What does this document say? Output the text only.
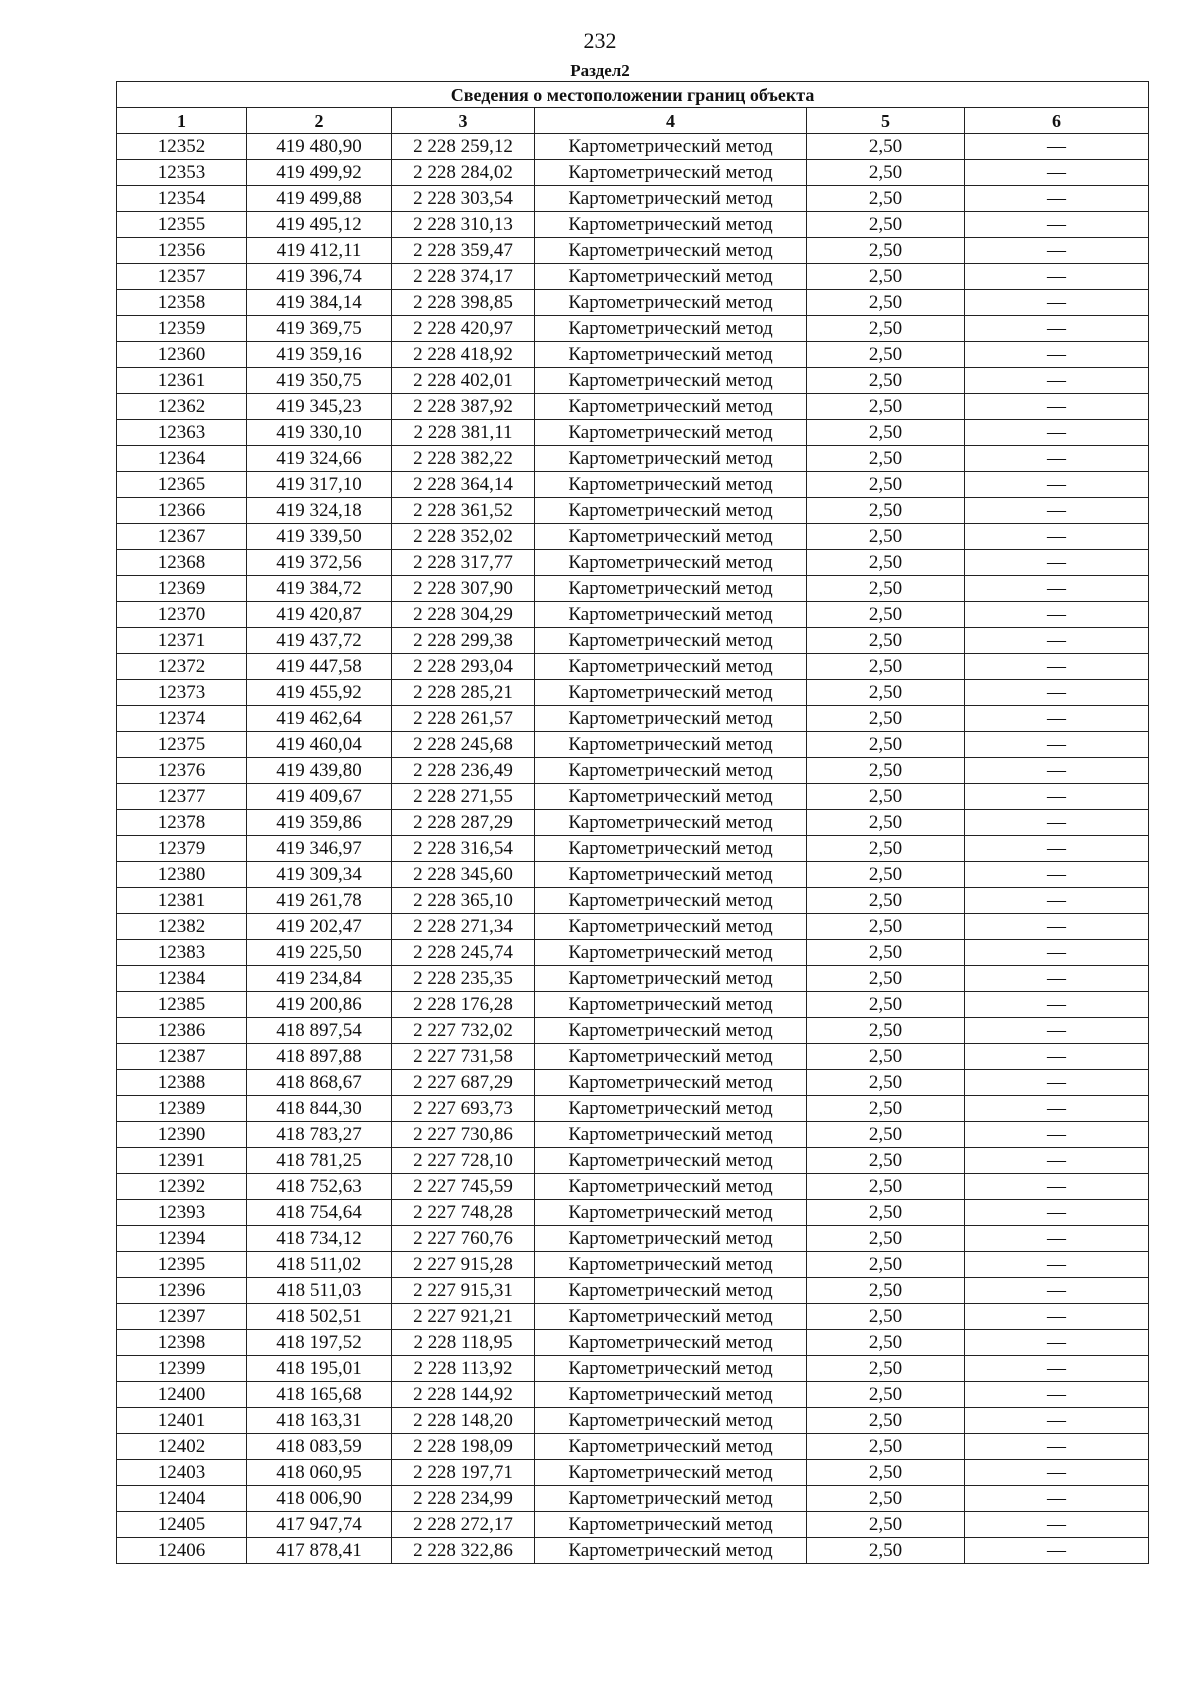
232
Раздел2
Сведения о местоположении границ объекта					
1	2	3	4	5	6
12352	419 480,90	2 228 259,12	Картометрический метод	2,50	—
12353	419 499,92	2 228 284,02	Картометрический метод	2,50	—
12354	419 499,88	2 228 303,54	Картометрический метод	2,50	—
12355	419 495,12	2 228 310,13	Картометрический метод	2,50	—
12356	419 412,11	2 228 359,47	Картометрический метод	2,50	—
12357	419 396,74	2 228 374,17	Картометрический метод	2,50	—
12358	419 384,14	2 228 398,85	Картометрический метод	2,50	—
12359	419 369,75	2 228 420,97	Картометрический метод	2,50	—
12360	419 359,16	2 228 418,92	Картометрический метод	2,50	—
12361	419 350,75	2 228 402,01	Картометрический метод	2,50	—
12362	419 345,23	2 228 387,92	Картометрический метод	2,50	—
12363	419 330,10	2 228 381,11	Картометрический метод	2,50	—
12364	419 324,66	2 228 382,22	Картометрический метод	2,50	—
12365	419 317,10	2 228 364,14	Картометрический метод	2,50	—
12366	419 324,18	2 228 361,52	Картометрический метод	2,50	—
12367	419 339,50	2 228 352,02	Картометрический метод	2,50	—
12368	419 372,56	2 228 317,77	Картометрический метод	2,50	—
12369	419 384,72	2 228 307,90	Картометрический метод	2,50	—
12370	419 420,87	2 228 304,29	Картометрический метод	2,50	—
12371	419 437,72	2 228 299,38	Картометрический метод	2,50	—
12372	419 447,58	2 228 293,04	Картометрический метод	2,50	—
12373	419 455,92	2 228 285,21	Картометрический метод	2,50	—
12374	419 462,64	2 228 261,57	Картометрический метод	2,50	—
12375	419 460,04	2 228 245,68	Картометрический метод	2,50	—
12376	419 439,80	2 228 236,49	Картометрический метод	2,50	—
12377	419 409,67	2 228 271,55	Картометрический метод	2,50	—
12378	419 359,86	2 228 287,29	Картометрический метод	2,50	—
12379	419 346,97	2 228 316,54	Картометрический метод	2,50	—
12380	419 309,34	2 228 345,60	Картометрический метод	2,50	—
12381	419 261,78	2 228 365,10	Картометрический метод	2,50	—
12382	419 202,47	2 228 271,34	Картометрический метод	2,50	—
12383	419 225,50	2 228 245,74	Картометрический метод	2,50	—
12384	419 234,84	2 228 235,35	Картометрический метод	2,50	—
12385	419 200,86	2 228 176,28	Картометрический метод	2,50	—
12386	418 897,54	2 227 732,02	Картометрический метод	2,50	—
12387	418 897,88	2 227 731,58	Картометрический метод	2,50	—
12388	418 868,67	2 227 687,29	Картометрический метод	2,50	—
12389	418 844,30	2 227 693,73	Картометрический метод	2,50	—
12390	418 783,27	2 227 730,86	Картометрический метод	2,50	—
12391	418 781,25	2 227 728,10	Картометрический метод	2,50	—
12392	418 752,63	2 227 745,59	Картометрический метод	2,50	—
12393	418 754,64	2 227 748,28	Картометрический метод	2,50	—
12394	418 734,12	2 227 760,76	Картометрический метод	2,50	—
12395	418 511,02	2 227 915,28	Картометрический метод	2,50	—
12396	418 511,03	2 227 915,31	Картометрический метод	2,50	—
12397	418 502,51	2 227 921,21	Картометрический метод	2,50	—
12398	418 197,52	2 228 118,95	Картометрический метод	2,50	—
12399	418 195,01	2 228 113,92	Картометрический метод	2,50	—
12400	418 165,68	2 228 144,92	Картометрический метод	2,50	—
12401	418 163,31	2 228 148,20	Картометрический метод	2,50	—
12402	418 083,59	2 228 198,09	Картометрический метод	2,50	—
12403	418 060,95	2 228 197,71	Картометрический метод	2,50	—
12404	418 006,90	2 228 234,99	Картометрический метод	2,50	—
12405	417 947,74	2 228 272,17	Картометрический метод	2,50	—
12406	417 878,41	2 228 322,86	Картометрический метод	2,50	—
